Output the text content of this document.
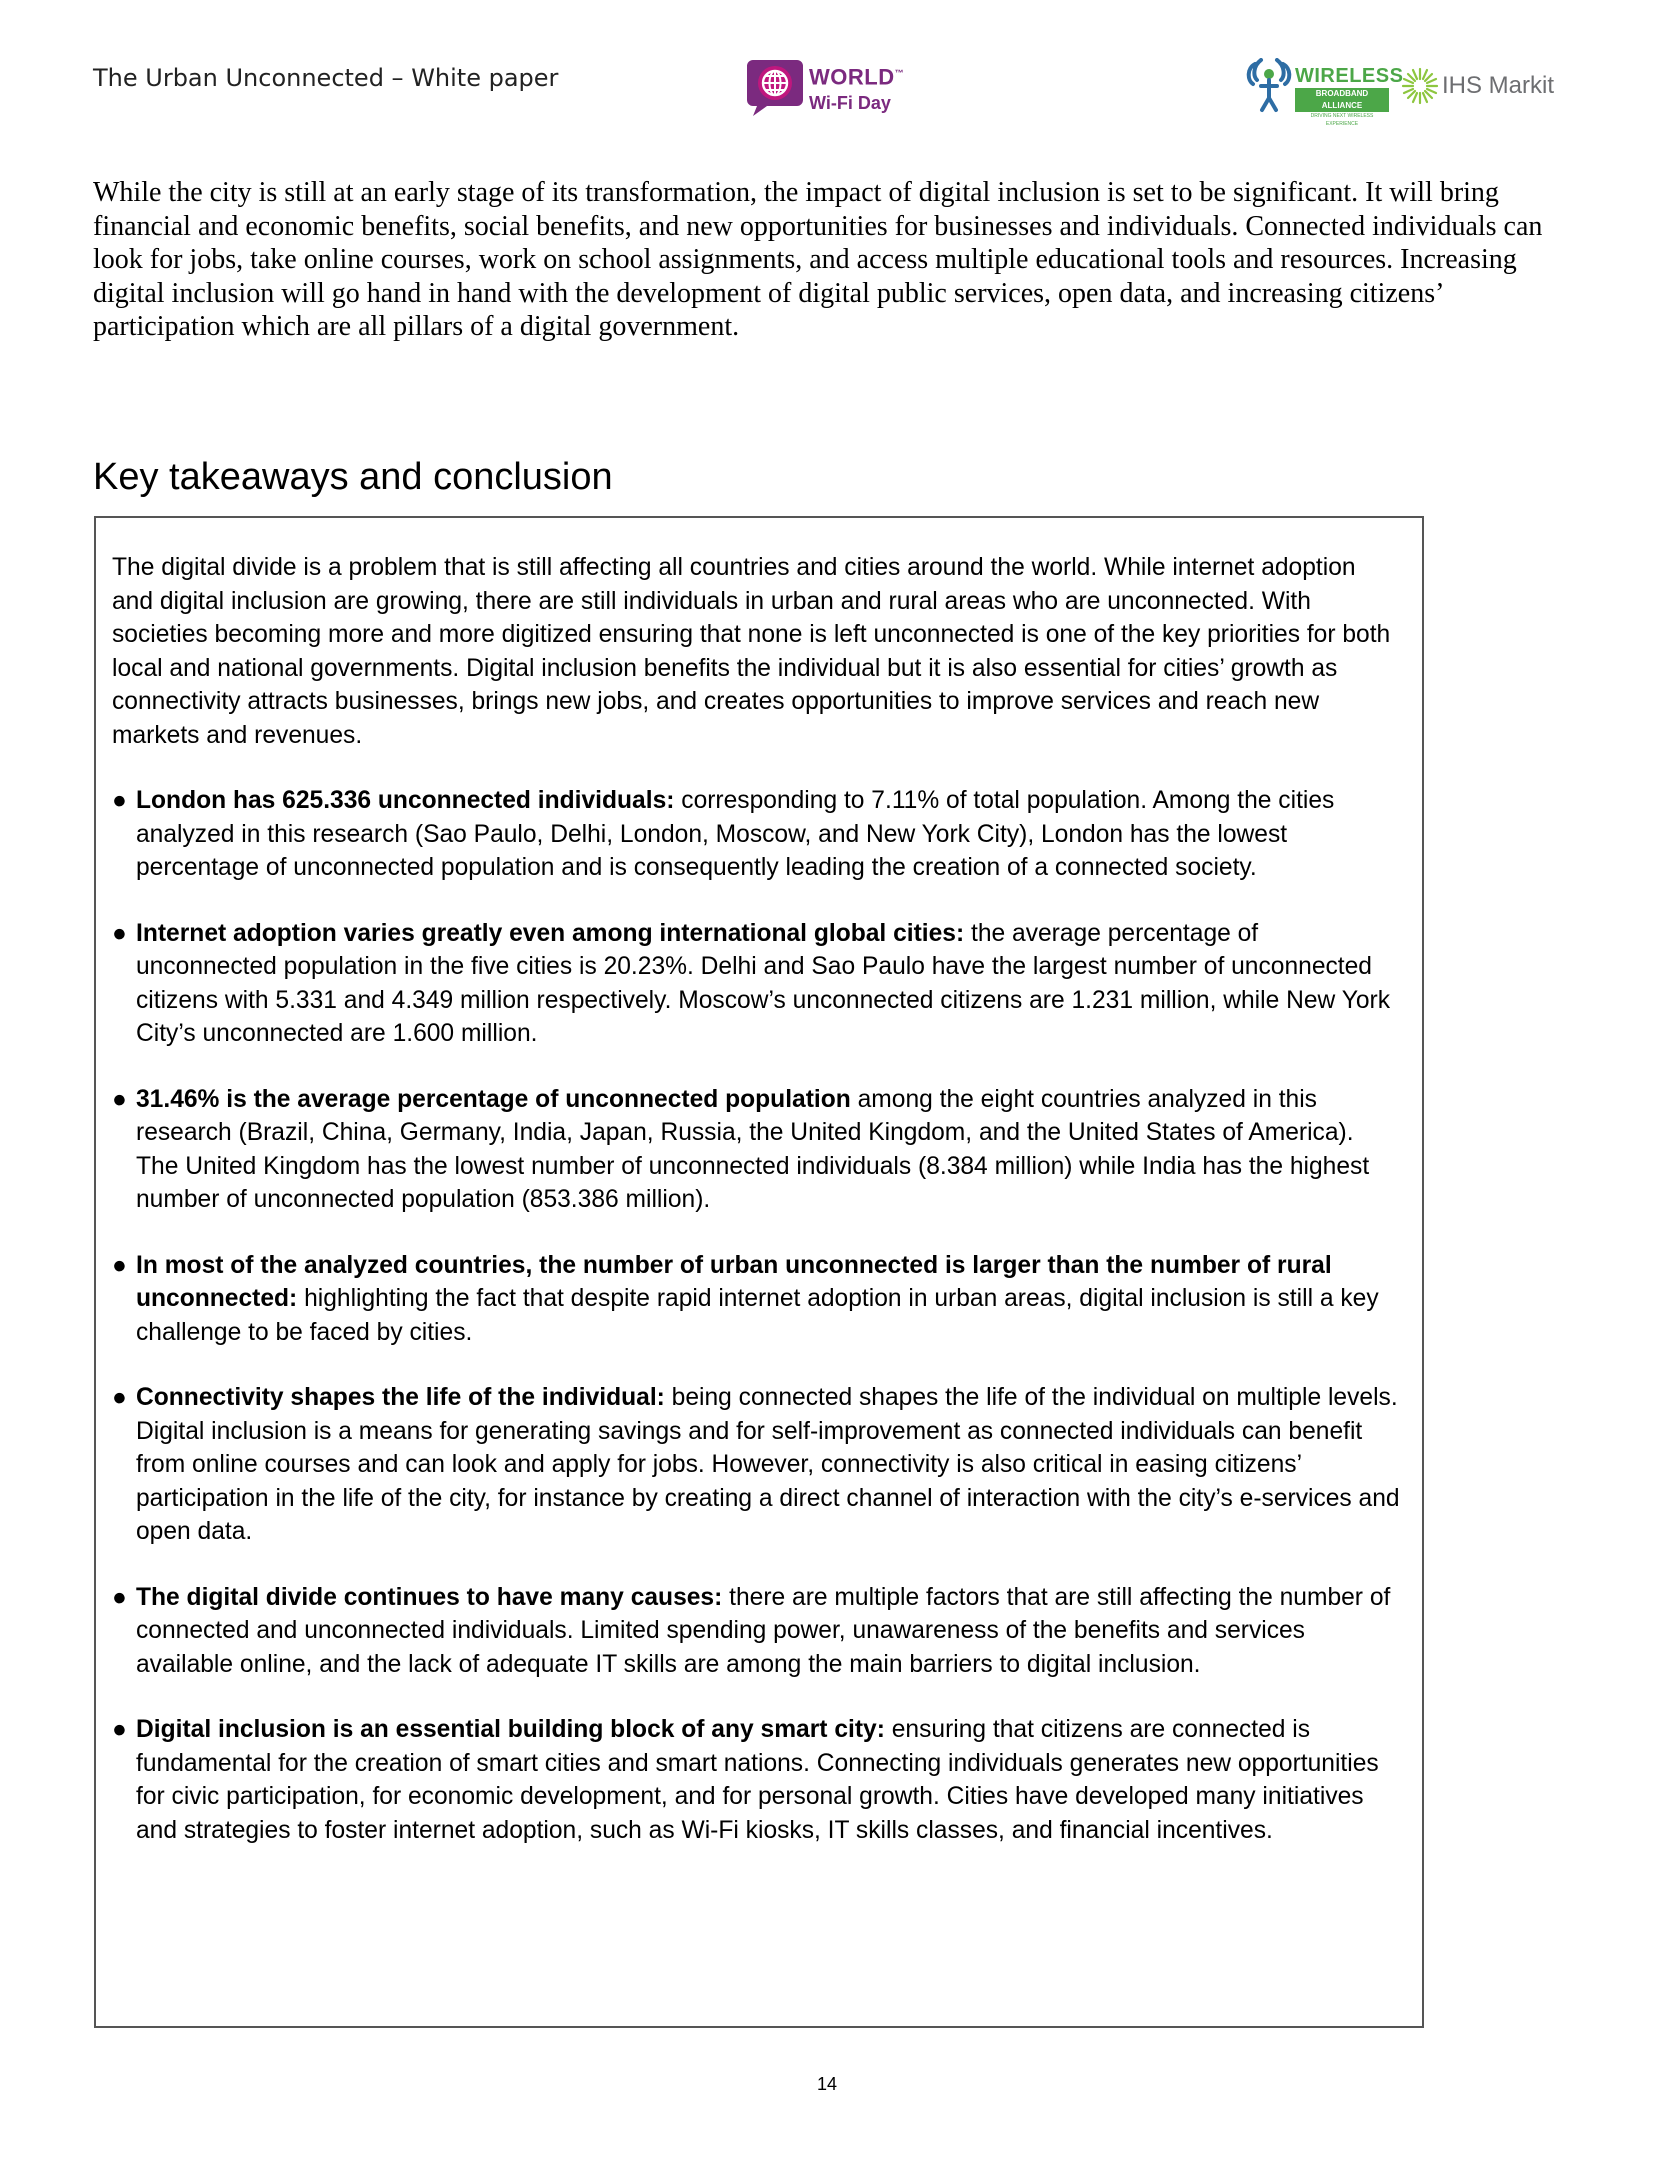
The Urban Unconnected – White paper	WORLD™
Wi-Fi Day
WIRELESS
BROADBAND ALLIANCE
DRIVING NEXT WIRELESS EXPERIENCE
IHS Markit

While the city is still at an early stage of its transformation, the impact of digital inclusion is set to be significant. It will bring financial and economic benefits, social benefits, and new opportunities for businesses and individuals. Connected individuals can look for jobs, take online courses, work on school assignments, and access multiple educational tools and resources. Increasing digital inclusion will go hand in hand with the development of digital public services, open data, and increasing citizens’ participation which are all pillars of a digital government.

Key takeaways and conclusion

The digital divide is a problem that is still affecting all countries and cities around the world. While internet adoption and digital inclusion are growing, there are still individuals in urban and rural areas who are unconnected. With societies becoming more and more digitized ensuring that none is left unconnected is one of the key priorities for both local and national governments. Digital inclusion benefits the individual but it is also essential for cities’ growth as connectivity attracts businesses, brings new jobs, and creates opportunities to improve services and reach new markets and revenues.

● London has 625.336 unconnected individuals: corresponding to 7.11% of total population. Among the cities analyzed in this research (Sao Paulo, Delhi, London, Moscow, and New York City), London has the lowest percentage of unconnected population and is consequently leading the creation of a connected society.
● Internet adoption varies greatly even among international global cities: the average percentage of unconnected population in the five cities is 20.23%. Delhi and Sao Paulo have the largest number of unconnected citizens with 5.331 and 4.349 million respectively. Moscow’s unconnected citizens are 1.231 million, while New York City’s unconnected are 1.600 million.
● 31.46% is the average percentage of unconnected population among the eight countries analyzed in this research (Brazil, China, Germany, India, Japan, Russia, the United Kingdom, and the United States of America). The United Kingdom has the lowest number of unconnected individuals (8.384 million) while India has the highest number of unconnected population (853.386 million).
● In most of the analyzed countries, the number of urban unconnected is larger than the number of rural unconnected: highlighting the fact that despite rapid internet adoption in urban areas, digital inclusion is still a key challenge to be faced by cities.
● Connectivity shapes the life of the individual: being connected shapes the life of the individual on multiple levels. Digital inclusion is a means for generating savings and for self-improvement as connected individuals can benefit from online courses and can look and apply for jobs. However, connectivity is also critical in easing citizens’ participation in the life of the city, for instance by creating a direct channel of interaction with the city’s e-services and open data.
● The digital divide continues to have many causes: there are multiple factors that are still affecting the number of connected and unconnected individuals. Limited spending power, unawareness of the benefits and services available online, and the lack of adequate IT skills are among the main barriers to digital inclusion.
● Digital inclusion is an essential building block of any smart city: ensuring that citizens are connected is fundamental for the creation of smart cities and smart nations. Connecting individuals generates new opportunities for civic participation, for economic development, and for personal growth. Cities have developed many initiatives and strategies to foster internet adoption, such as Wi-Fi kiosks, IT skills classes, and financial incentives.
14
